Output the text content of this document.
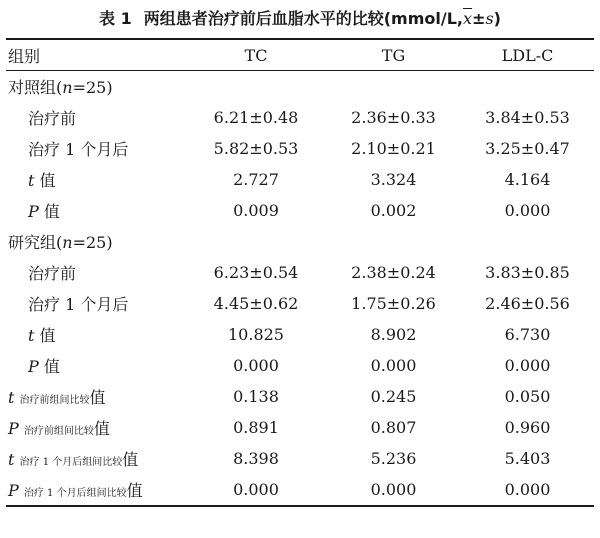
表 1 两组患者治疗前后血脂水平的比较$(mmol/L,\overline{x}\pm s)$
组别	TC	TG	LDL-C
对照组(n=25)			
治疗前	6.21±0.48	2.36±0.33	3.84±0.53
治疗 1 个月后	5.82±0.53	2.10±0.21	3.25±0.47
t 值	2.727	3.324	4.164
P 值	0.009	0.002	0.000
研究组(n=25)			
治疗前	6.23±0.54	2.38±0.24	3.83±0.85
治疗 1 个月后	4.45±0.62	1.75±0.26	2.46±0.56
t 值	10.825	8.902	6.730
P 值	0.000	0.000	0.000
t 治疗前组间比较值	0.138	0.245	0.050
P 治疗前组间比较值	0.891	0.807	0.960
t 治疗 1 个月后组间比较值	8.398	5.236	5.403
P 治疗 1 个月后组间比较值	0.000	0.000	0.000
